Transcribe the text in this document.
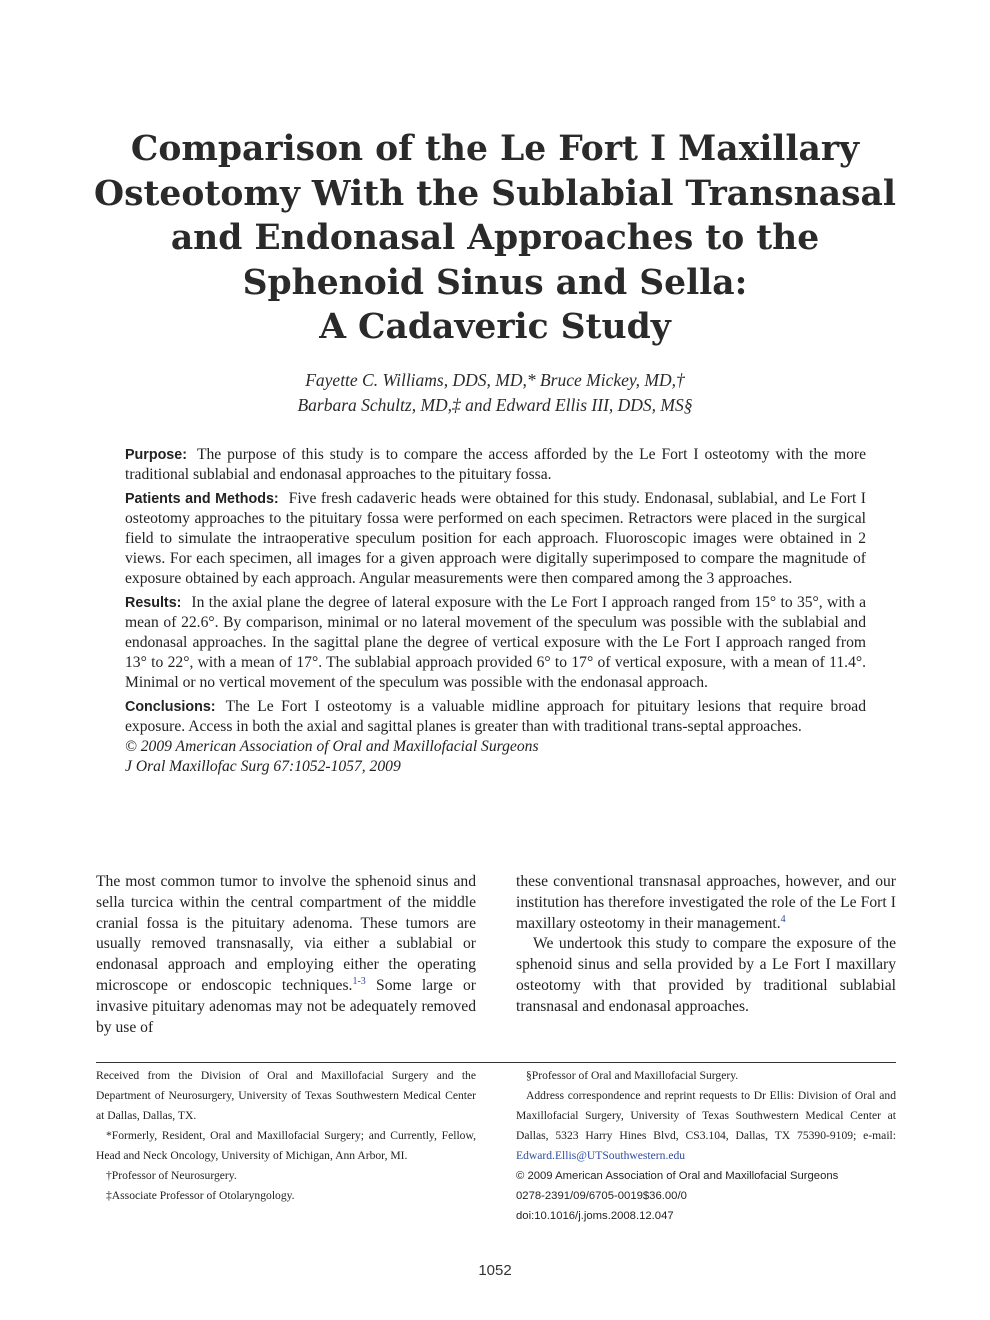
Comparison of the Le Fort I Maxillary
Osteotomy With the Sublabial Transnasal
and Endonasal Approaches to the
Sphenoid Sinus and Sella:
A Cadaveric Study
Fayette C. Williams, DDS, MD,* Bruce Mickey, MD,†
Barbara Schultz, MD,‡ and Edward Ellis III, DDS, MS§

Purpose: The purpose of this study is to compare the access afforded by the Le Fort I osteotomy with the more traditional sublabial and endonasal approaches to the pituitary fossa.

Patients and Methods: Five fresh cadaveric heads were obtained for this study. Endonasal, sublabial, and Le Fort I osteotomy approaches to the pituitary fossa were performed on each specimen. Retractors were placed in the surgical field to simulate the intraoperative speculum position for each approach. Fluoroscopic images were obtained in 2 views. For each specimen, all images for a given approach were digitally superimposed to compare the magnitude of exposure obtained by each approach. Angular measurements were then compared among the 3 approaches.

Results: In the axial plane the degree of lateral exposure with the Le Fort I approach ranged from 15° to 35°, with a mean of 22.6°. By comparison, minimal or no lateral movement of the speculum was possible with the sublabial and endonasal approaches. In the sagittal plane the degree of vertical exposure with the Le Fort I approach ranged from 13° to 22°, with a mean of 17°. The sublabial approach provided 6° to 17° of vertical exposure, with a mean of 11.4°. Minimal or no vertical movement of the speculum was possible with the endonasal approach.

Conclusions: The Le Fort I osteotomy is a valuable midline approach for pituitary lesions that require broad exposure. Access in both the axial and sagittal planes is greater than with traditional trans-septal approaches.

© 2009 American Association of Oral and Maxillofacial Surgeons

J Oral Maxillofac Surg 67:1052-1057, 2009

The most common tumor to involve the sphenoid sinus and sella turcica within the central compartment of the middle cranial fossa is the pituitary adenoma. These tumors are usually removed transnasally, via either a sublabial or endonasal approach and employing either the operating microscope or endoscopic techniques.$^{1-3}$ Some large or invasive pituitary adenomas may not be adequately removed by use of

these conventional transnasal approaches, however, and our institution has therefore investigated the role of the Le Fort I maxillary osteotomy in their management.$^4$

We undertook this study to compare the exposure of the sphenoid sinus and sella provided by a Le Fort I maxillary osteotomy with that provided by traditional sublabial transnasal and endonasal approaches.

Received from the Division of Oral and Maxillofacial Surgery and the Department of Neurosurgery, University of Texas Southwestern Medical Center at Dallas, Dallas, TX.

*Formerly, Resident, Oral and Maxillofacial Surgery; and Currently, Fellow, Head and Neck Oncology, University of Michigan, Ann Arbor, MI.

†Professor of Neurosurgery.

‡Associate Professor of Otolaryngology.

§Professor of Oral and Maxillofacial Surgery.

Address correspondence and reprint requests to Dr Ellis: Division of Oral and Maxillofacial Surgery, University of Texas Southwestern Medical Center at Dallas, 5323 Harry Hines Blvd, CS3.104, Dallas, TX 75390-9109; e-mail: Edward.Ellis@UTSouthwestern.edu

© 2009 American Association of Oral and Maxillofacial Surgeons

0278-2391/09/6705-0019$36.00/0

doi:10.1016/j.joms.2008.12.047

1052
